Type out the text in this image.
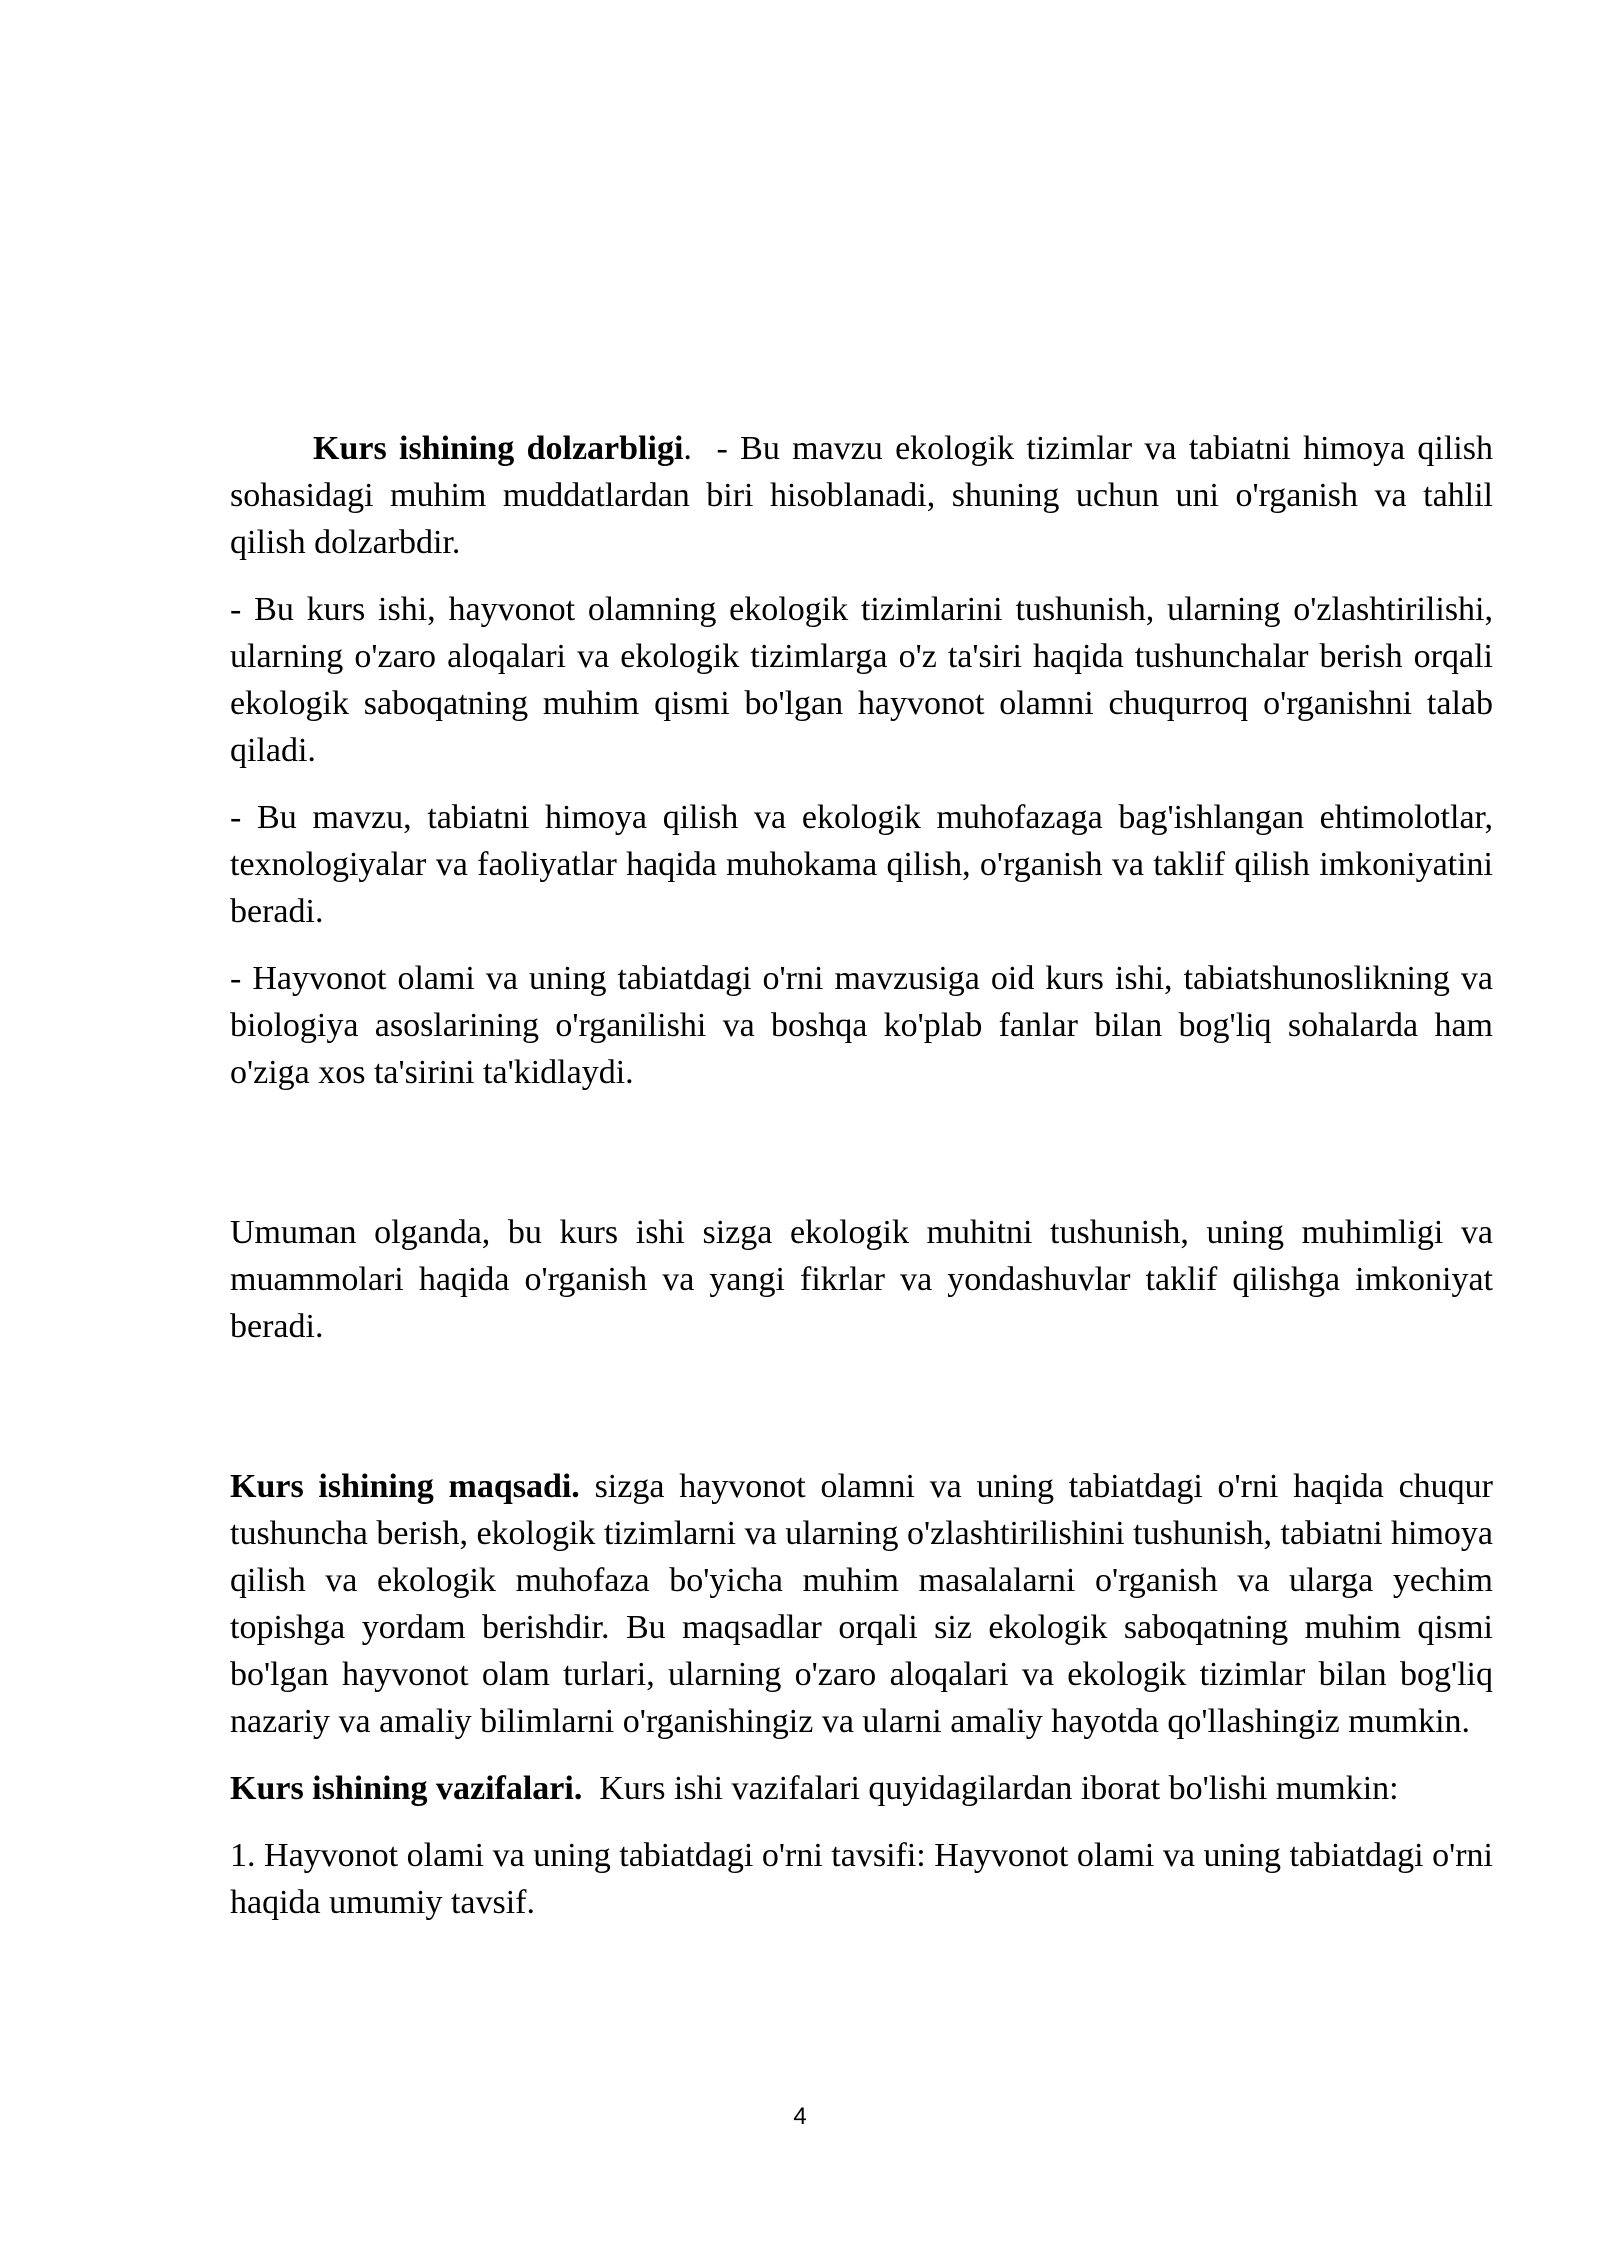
Kurs ishining dolzarbligi.  - Bu mavzu ekologik tizimlar va tabiatni himoya qilish sohasidagi muhim muddatlardan biri hisoblanadi, shuning uchun uni o'rganish va tahlil qilish dolzarbdir.

- Bu kurs ishi, hayvonot olamning ekologik tizimlarini tushunish, ularning o'zlashtirilishi, ularning o'zaro aloqalari va ekologik tizimlarga o'z ta'siri haqida tushunchalar berish orqali ekologik saboqatning muhim qismi bo'lgan hayvonot olamni chuqurroq o'rganishni talab qiladi.

- Bu mavzu, tabiatni himoya qilish va ekologik muhofazaga bag'ishlangan ehtimolotlar, texnologiyalar va faoliyatlar haqida muhokama qilish, o'rganish va taklif qilish imkoniyatini beradi.

- Hayvonot olami va uning tabiatdagi o'rni mavzusiga oid kurs ishi, tabiatshunoslikning va biologiya asoslarining o'rganilishi va boshqa ko'plab fanlar bilan bog'liq sohalarda ham o'ziga xos ta'sirini ta'kidlaydi.

Umuman olganda, bu kurs ishi sizga ekologik muhitni tushunish, uning muhimligi va muammolari haqida o'rganish va yangi fikrlar va yondashuvlar taklif qilishga imkoniyat beradi.

Kurs ishining maqsadi. sizga hayvonot olamni va uning tabiatdagi o'rni haqida chuqur tushuncha berish, ekologik tizimlarni va ularning o'zlashtirilishini tushunish, tabiatni himoya qilish va ekologik muhofaza bo'yicha muhim masalalarni o'rganish va ularga yechim topishga yordam berishdir. Bu maqsadlar orqali siz ekologik saboqatning muhim qismi bo'lgan hayvonot olam turlari, ularning o'zaro aloqalari va ekologik tizimlar bilan bog'liq nazariy va amaliy bilimlarni o'rganishingiz va ularni amaliy hayotda qo'llashingiz mumkin.

Kurs ishining vazifalari.  Kurs ishi vazifalari quyidagilardan iborat bo'lishi mumkin:

1. Hayvonot olami va uning tabiatdagi o'rni tavsifi: Hayvonot olami va uning tabiatdagi o'rni haqida umumiy tavsif.

4
